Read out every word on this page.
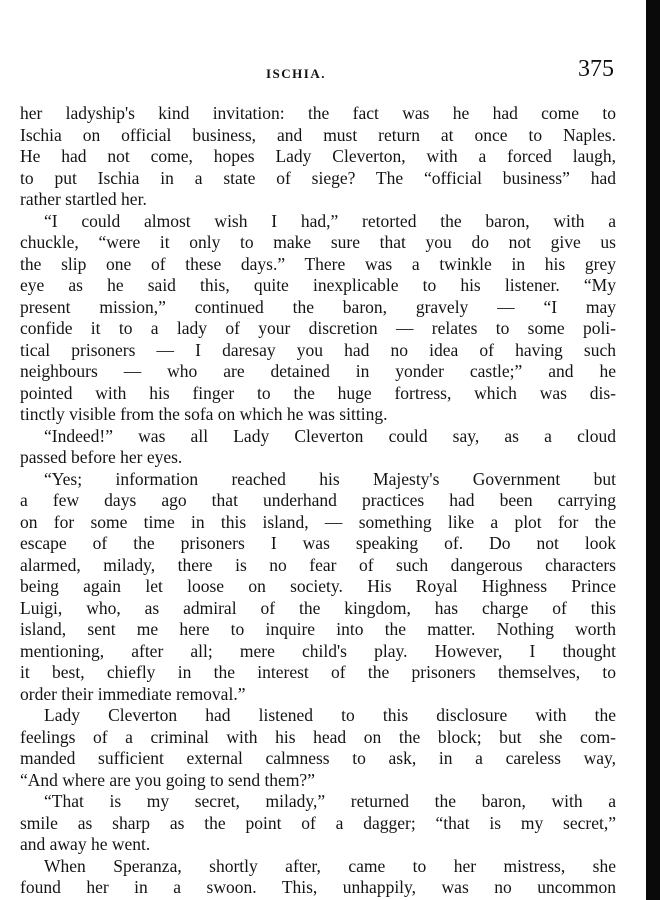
ISCHIA.	375
her ladyship's kind invitation: the fact was he had come to
Ischia on official business, and must return at once to Naples.
He had not come, hopes Lady Cleverton, with a forced laugh,
to put Ischia in a state of siege? The “official business” had
rather startled her.
“I could almost wish I had,” retorted the baron, with a
chuckle, “were it only to make sure that you do not give us
the slip one of these days.” There was a twinkle in his grey
eye as he said this, quite inexplicable to his listener. “My
present mission,” continued the baron, gravely — “I may
confide it to a lady of your discretion — relates to some poli-
tical prisoners — I daresay you had no idea of having such
neighbours — who are detained in yonder castle;” and he
pointed with his finger to the huge fortress, which was dis-
tinctly visible from the sofa on which he was sitting.
“Indeed!” was all Lady Cleverton could say, as a cloud
passed before her eyes.
“Yes; information reached his Majesty's Government but
a few days ago that underhand practices had been carrying
on for some time in this island, — something like a plot for the
escape of the prisoners I was speaking of. Do not look
alarmed, milady, there is no fear of such dangerous characters
being again let loose on society. His Royal Highness Prince
Luigi, who, as admiral of the kingdom, has charge of this
island, sent me here to inquire into the matter. Nothing worth
mentioning, after all; mere child's play. However, I thought
it best, chiefly in the interest of the prisoners themselves, to
order their immediate removal.”
Lady Cleverton had listened to this disclosure with the
feelings of a criminal with his head on the block; but she com-
manded sufficient external calmness to ask, in a careless way,
“And where are you going to send them?”
“That is my secret, milady,” returned the baron, with a
smile as sharp as the point of a dagger; “that is my secret,”
and away he went.
When Speranza, shortly after, came to her mistress, she
found her in a swoon. This, unhappily, was no uncommon
